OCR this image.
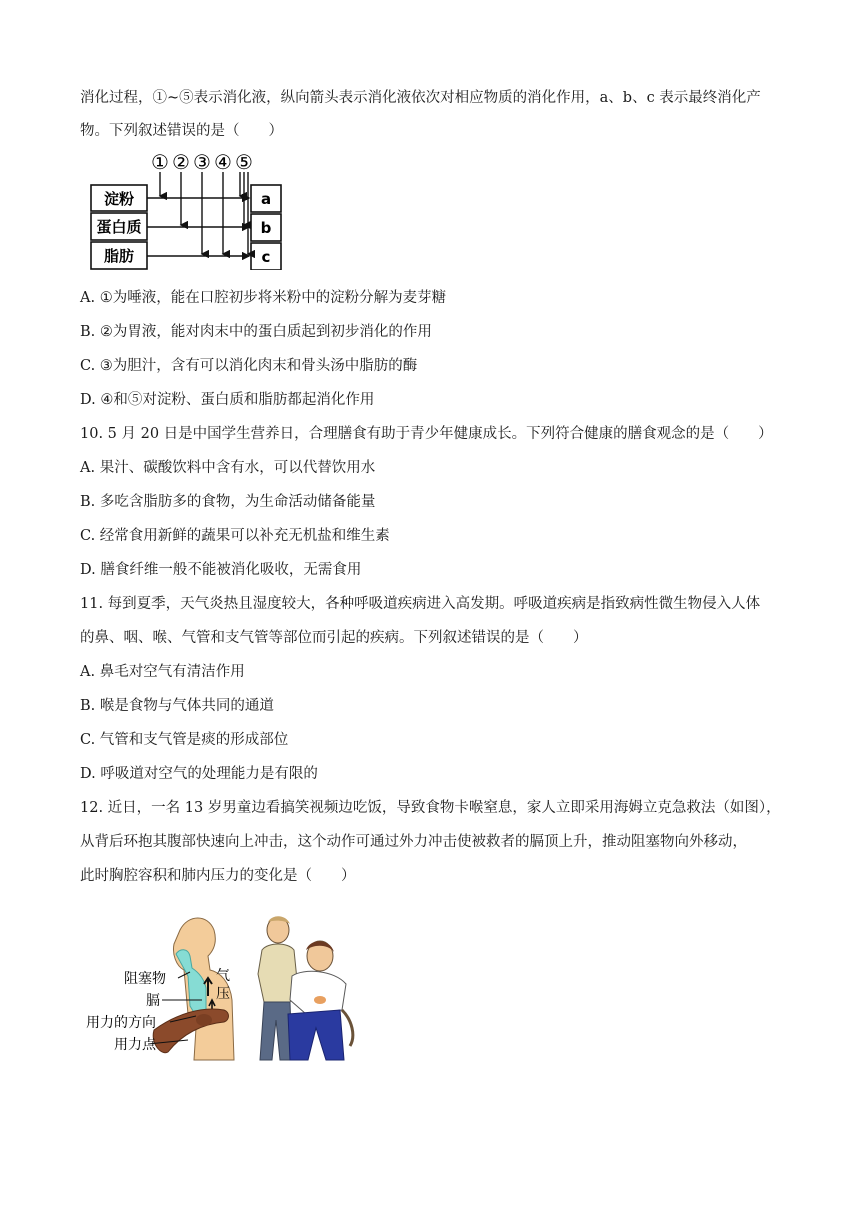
消化过程，①~⑤表示消化液，纵向箭头表示消化液依次对相应物质的消化作用，a、b、c 表示最终消化产
物。下列叙述错误的是（　　）
① ② ③ ④ ⑤
淀粉
蛋白质
脂肪
a
b
c
A. ①为唾液，能在口腔初步将米粉中的淀粉分解为麦芽糖
B. ②为胃液，能对肉末中的蛋白质起到初步消化的作用
C. ③为胆汁，含有可以消化肉末和骨头汤中脂肪的酶
D. ④和⑤对淀粉、蛋白质和脂肪都起消化作用
10. 5 月 20 日是中国学生营养日，合理膳食有助于青少年健康成长。下列符合健康的膳食观念的是（　　）
A. 果汁、碳酸饮料中含有水，可以代替饮用水
B. 多吃含脂肪多的食物，为生命活动储备能量
C. 经常食用新鲜的蔬果可以补充无机盐和维生素
D. 膳食纤维一般不能被消化吸收，无需食用
11. 每到夏季，天气炎热且湿度较大，各种呼吸道疾病进入高发期。呼吸道疾病是指致病性微生物侵入人体
的鼻、咽、喉、气管和支气管等部位而引起的疾病。下列叙述错误的是（　　）
A. 鼻毛对空气有清洁作用
B. 喉是食物与气体共同的通道
C. 气管和支气管是痰的形成部位
D. 呼吸道对空气的处理能力是有限的
12. 近日，一名 13 岁男童边看搞笑视频边吃饭，导致食物卡喉窒息，家人立即采用海姆立克急救法（如图），
从背后环抱其腹部快速向上冲击，这个动作可通过外力冲击使被救者的膈顶上升，推动阻塞物向外移动，
此时胸腔容积和肺内压力的变化是（　　）
阻塞物
膈
用力的方向
用力点
气
压
